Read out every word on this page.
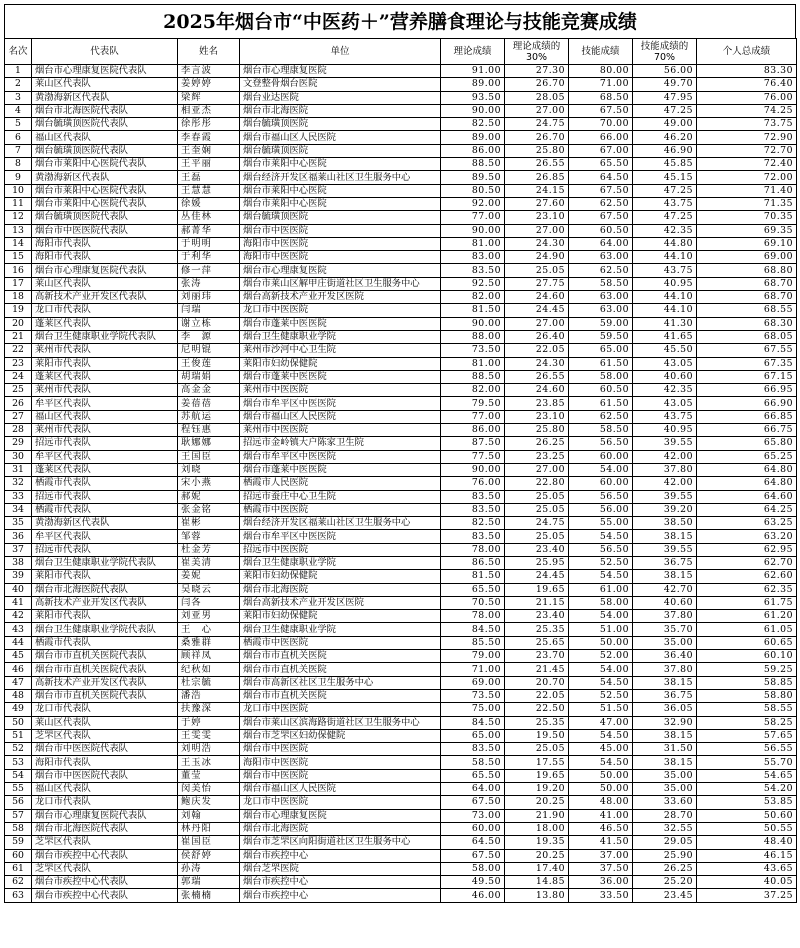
2025年烟台市“中医药＋”营养膳食理论与技能竞赛成绩
名次	代表队	姓名	单位	理论成绩	理论成绩的30%	技能成绩	技能成绩的70%	个人总成绩
1	烟台市心理康复医院代表队	李言波	烟台市心理康复医院	91.00	27.30	80.00	56.00	83.30
2	莱山区代表队	姜婷婷	文登整骨烟台医院	89.00	26.70	71.00	49.70	76.40
3	黄渤海新区代表队	梁辉	烟台业达医院	93.50	28.05	68.50	47.95	76.00
4	烟台市北海医院代表队	相亚杰	烟台市北海医院	90.00	27.00	67.50	47.25	74.25
5	烟台毓璜顶医院代表队	徐彤彤	烟台毓璜顶医院	82.50	24.75	70.00	49.00	73.75
6	福山区代表队	李春霞	烟台市福山区人民医院	89.00	26.70	66.00	46.20	72.90
7	烟台毓璜顶医院代表队	王奎娴	烟台毓璜顶医院	86.00	25.80	67.00	46.90	72.70
8	烟台市莱阳中心医院代表队	王平丽	烟台市莱阳中心医院	88.50	26.55	65.50	45.85	72.40
9	黄渤海新区代表队	王磊	烟台经济开发区福莱山社区卫生服务中心	89.50	26.85	64.50	45.15	72.00
10	烟台市莱阳中心医院代表队	王慧慧	烟台市莱阳中心医院	80.50	24.15	67.50	47.25	71.40
11	烟台市莱阳中心医院代表队	徐媛	烟台市莱阳中心医院	92.00	27.60	62.50	43.75	71.35
12	烟台毓璜顶医院代表队	丛佳林	烟台毓璜顶医院	77.00	23.10	67.50	47.25	70.35
13	烟台市中医医院代表队	郝菁华	烟台市中医医院	90.00	27.00	60.50	42.35	69.35
14	海阳市代表队	于明明	海阳市中医医院	81.00	24.30	64.00	44.80	69.10
15	海阳市代表队	于利华	海阳市中医医院	83.00	24.90	63.00	44.10	69.00
16	烟台市心理康复医院代表队	修一萍	烟台市心理康复医院	83.50	25.05	62.50	43.75	68.80
17	莱山区代表队	张涛	烟台市莱山区解甲庄街道社区卫生服务中心	92.50	27.75	58.50	40.95	68.70
18	高新技术产业开发区代表队	刘丽玮	烟台高新技术产业开发区医院	82.00	24.60	63.00	44.10	68.70
19	龙口市代表队	闫瑞	龙口市中医医院	81.50	24.45	63.00	44.10	68.55
20	蓬莱区代表队	谢立栋	烟台市蓬莱中医医院	90.00	27.00	59.00	41.30	68.30
21	烟台卫生健康职业学院代表队	李　源	烟台卫生健康职业学院	88.00	26.40	59.50	41.65	68.05
22	莱州市代表队	尼明锟	莱州市沙河中心卫生院	73.50	22.05	65.00	45.50	67.55
23	莱阳市代表队	王俊莲	莱阳市妇幼保健院	81.00	24.30	61.50	43.05	67.35
24	蓬莱区代表队	胡瑞娟	烟台市蓬莱中医医院	88.50	26.55	58.00	40.60	67.15
25	莱州市代表队	高金金	莱州市中医医院	82.00	24.60	60.50	42.35	66.95
26	牟平区代表队	姜蓓蓓	烟台市牟平区中医医院	79.50	23.85	61.50	43.05	66.90
27	福山区代表队	苏航运	烟台市福山区人民医院	77.00	23.10	62.50	43.75	66.85
28	莱州市代表队	程钰惠	莱州市中医医院	86.00	25.80	58.50	40.95	66.75
29	招远市代表队	耿娜娜	招远市金岭镇大户陈家卫生院	87.50	26.25	56.50	39.55	65.80
30	牟平区代表队	王国臣	烟台市牟平区中医医院	77.50	23.25	60.00	42.00	65.25
31	蓬莱区代表队	刘晓	烟台市蓬莱中医医院	90.00	27.00	54.00	37.80	64.80
32	栖霞市代表队	宋小燕	栖霞市人民医院	76.00	22.80	60.00	42.00	64.80
33	招远市代表队	郝妮	招远市蚕庄中心卫生院	83.50	25.05	56.50	39.55	64.60
34	栖霞市代表队	张金铭	栖霞市中医医院	83.50	25.05	56.00	39.20	64.25
35	黄渤海新区代表队	崔彬	烟台经济开发区福莱山社区卫生服务中心	82.50	24.75	55.00	38.50	63.25
36	牟平区代表队	邹蓉	烟台市牟平区中医医院	83.50	25.05	54.50	38.15	63.20
37	招远市代表队	杜金芳	招远市中医医院	78.00	23.40	56.50	39.55	62.95
38	烟台卫生健康职业学院代表队	崔美清	烟台卫生健康职业学院	86.50	25.95	52.50	36.75	62.70
39	莱阳市代表队	姜妮	莱阳市妇幼保健院	81.50	24.45	54.50	38.15	62.60
40	烟台市北海医院代表队	吴晓云	烟台市北海医院	65.50	19.65	61.00	42.70	62.35
41	高新技术产业开发区代表队	闫各	烟台高新技术产业开发区医院	70.50	21.15	58.00	40.60	61.75
42	莱阳市代表队	刘亚男	莱阳市妇幼保健院	78.00	23.40	54.00	37.80	61.20
43	烟台卫生健康职业学院代表队	王　心	烟台卫生健康职业学院	84.50	25.35	51.00	35.70	61.05
44	栖霞市代表队	桑雅群	栖霞市中医医院	85.50	25.65	50.00	35.00	60.65
45	烟台市市直机关医院代表队	顾祥凤	烟台市市直机关医院	79.00	23.70	52.00	36.40	60.10
46	烟台市市直机关医院代表队	纪秋如	烟台市市直机关医院	71.00	21.45	54.00	37.80	59.25
47	高新技术产业开发区代表队	杜宗毓	烟台市高新区社区卫生服务中心	69.00	20.70	54.50	38.15	58.85
48	烟台市市直机关医院代表队	潘浩	烟台市市直机关医院	73.50	22.05	52.50	36.75	58.80
49	龙口市代表队	扶豫深	龙口市中医医院	75.00	22.50	51.50	36.05	58.55
50	莱山区代表队	于婷	烟台市莱山区滨海路街道社区卫生服务中心	84.50	25.35	47.00	32.90	58.25
51	芝罘区代表队	王雯雯	烟台市芝罘区妇幼保健院	65.00	19.50	54.50	38.15	57.65
52	烟台市中医医院代表队	刘明浩	烟台市中医医院	83.50	25.05	45.00	31.50	56.55
53	海阳市代表队	王玉冰	海阳市中医医院	58.50	17.55	54.50	38.15	55.70
54	烟台市中医医院代表队	董莹	烟台市中医医院	65.50	19.65	50.00	35.00	54.65
55	福山区代表队	闵美怡	烟台市福山区人民医院	64.00	19.20	50.00	35.00	54.20
56	龙口市代表队	鲍庆发	龙口市中医医院	67.50	20.25	48.00	33.60	53.85
57	烟台市心理康复医院代表队	刘翰	烟台市心理康复医院	73.00	21.90	41.00	28.70	50.60
58	烟台市北海医院代表队	林丹阳	烟台市北海医院	60.00	18.00	46.50	32.55	50.55
59	芝罘区代表队	崔国臣	烟台市芝罘区向阳街道社区卫生服务中心	64.50	19.35	41.50	29.05	48.40
60	烟台市疾控中心代表队	侯舒婷	烟台市疾控中心	67.50	20.25	37.00	25.90	46.15
61	芝罘区代表队	孙涛	烟台芝罘医院	58.00	17.40	37.50	26.25	43.65
62	烟台市疾控中心代表队	郭瑞	烟台市疾控中心	49.50	14.85	36.00	25.20	40.05
63	烟台市疾控中心代表队	张楠楠	烟台市疾控中心	46.00	13.80	33.50	23.45	37.25
